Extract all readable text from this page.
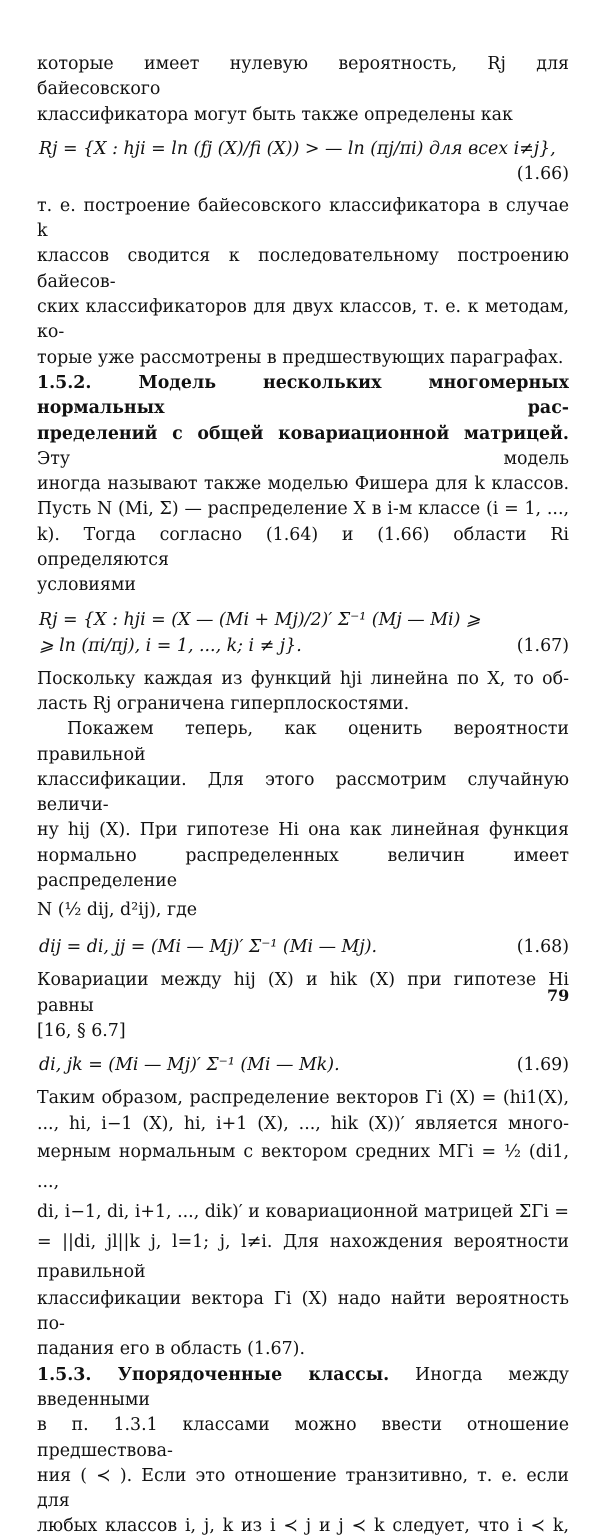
которые имеет нулевую вероятность, Rj для байесовского
классификатора могут быть также определены как
Rj = {X : hji = ln (fj (X)/fi (X)) > — ln (πj/πi) для всех i≠j},
(1.66)
т. е. построение байесовского классификатора в случае k
классов сводится к последовательному построению байесов-
ских классификаторов для двух классов, т. е. к методам, ко-
торые уже рассмотрены в предшествующих параграфах.
1.5.2. Модель нескольких многомерных нормальных рас-
пределений с общей ковариационной матрицей. Эту модель
иногда называют также моделью Фишера для k классов.
Пусть N (Mi, Σ) — распределение X в i-м классе (i = 1, ...,
k). Тогда согласно (1.64) и (1.66) области Ri определяются
условиями
Rj = {X : hji = (X — (Mi + Mj)/2)′ Σ⁻¹ (Mj — Mi) ⩾
⩾ ln (πi/πj), i = 1, ..., k; i ≠ j}.	(1.67)
Поскольку каждая из функций hji линейна по X, то об-
ласть Rj ограничена гиперплоскостями.
Покажем теперь, как оценить вероятности правильной
классификации. Для этого рассмотрим случайную величи-
ну hij (X). При гипотезе Hi она как линейная функция
нормально распределенных величин имеет распределение
N (½ dij, d²ij), где
dij = di, jj = (Mi — Mj)′ Σ⁻¹ (Mi — Mj).	(1.68)
Ковариации между hij (X) и hik (X) при гипотезе Hi равны
[16, § 6.7]
di, jk = (Mi — Mj)′ Σ⁻¹ (Mi — Mk).	(1.69)
Таким образом, распределение векторов Γi (X) = (hi1(X),
..., hi, i−1 (X), hi, i+1 (X), ..., hik (X))′ является много-
мерным нормальным с вектором средних MΓi = ½ (di1, ...,
di, i−1, di, i+1, ..., dik)′ и ковариационной матрицей ΣΓi =
= ||di, jl||k j, l=1; j, l≠i. Для нахождения вероятности правильной
классификации вектора Γi (X) надо найти вероятность по-
падания его в область (1.67).
1.5.3. Упорядоченные классы. Иногда между введенными
в п. 1.3.1 классами можно ввести отношение предшествова-
ния ( ≺ ). Если это отношение транзитивно, т. е. если для
любых классов i, j, k из i ≺ j и j ≺ k следует, что i ≺ k,
79
